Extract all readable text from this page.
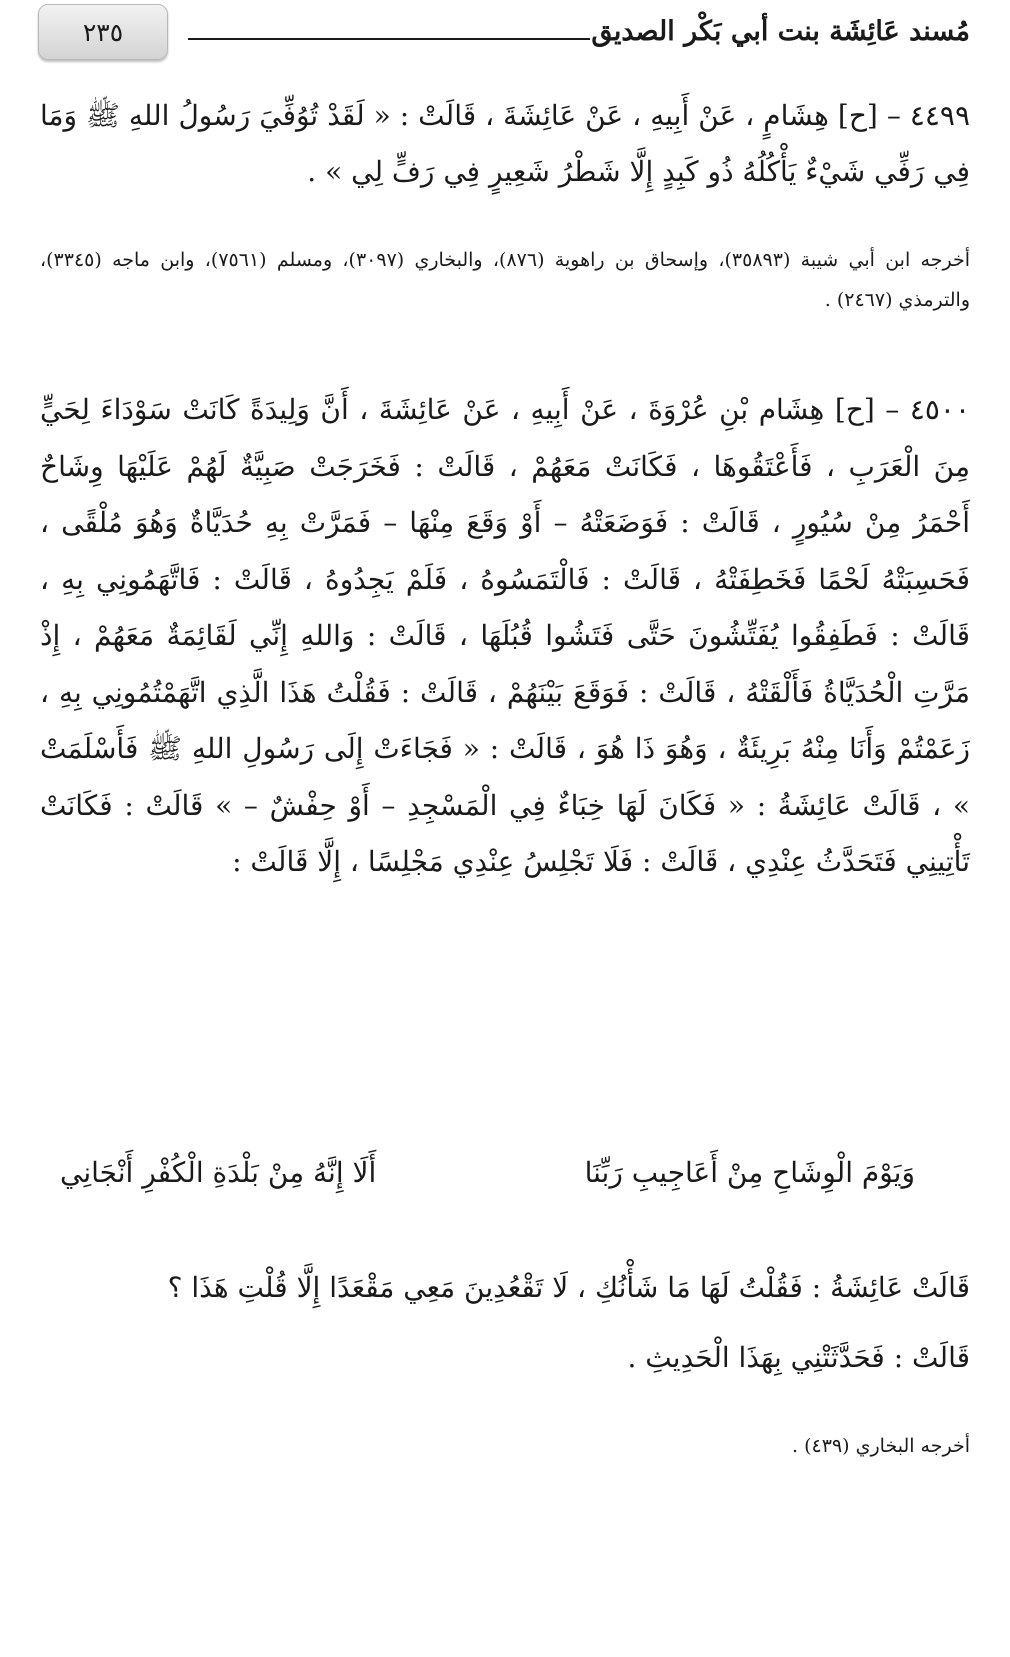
مُسند عَائِشَة بنت أبي بَكْر الصديق
٢٣٥
٤٤٩٩ – [ح] هِشَامٍ ، عَنْ أَبِيهِ ، عَنْ عَائِشَةَ ، قَالَتْ : « لَقَدْ تُوُفِّيَ رَسُولُ اللهِ ﷺ وَمَا فِي رَفِّي شَيْءٌ يَأْكُلُهُ ذُو كَبِدٍ إِلَّا شَطْرُ شَعِيرٍ فِي رَفٍّ لِي » .
أخرجه ابن أبي شيبة (٣٥٨٩٣)، وإسحاق بن راهوية (٨٧٦)، والبخاري (٣٠٩٧)، ومسلم (٧٥٦١)، وابن ماجه (٣٣٤٥)، والترمذي (٢٤٦٧) .
٤٥٠٠ – [ح] هِشَام بْنِ عُرْوَةَ ، عَنْ أَبِيهِ ، عَنْ عَائِشَةَ ، أَنَّ وَلِيدَةً كَانَتْ سَوْدَاءَ لِحَيٍّ مِنَ الْعَرَبِ ، فَأَعْتَقُوهَا ، فَكَانَتْ مَعَهُمْ ، قَالَتْ : فَخَرَجَتْ صَبِيَّةٌ لَهُمْ عَلَيْهَا وِشَاحٌ أَحْمَرُ مِنْ سُيُورٍ ، قَالَتْ : فَوَضَعَتْهُ – أَوْ وَقَعَ مِنْهَا – فَمَرَّتْ بِهِ حُدَيَّاةٌ وَهُوَ مُلْقًى ، فَحَسِبَتْهُ لَحْمًا فَخَطِفَتْهُ ، قَالَتْ : فَالْتَمَسُوهُ ، فَلَمْ يَجِدُوهُ ، قَالَتْ : فَاتَّهَمُونِي بِهِ ، قَالَتْ : فَطَفِقُوا يُفَتِّشُونَ حَتَّى فَتَشُوا قُبُلَهَا ، قَالَتْ : وَاللهِ إِنِّي لَقَائِمَةٌ مَعَهُمْ ، إِذْ مَرَّتِ الْحُدَيَّاةُ فَأَلْقَتْهُ ، قَالَتْ : فَوَقَعَ بَيْنَهُمْ ، قَالَتْ : فَقُلْتُ هَذَا الَّذِي اتَّهَمْتُمُونِي بِهِ ، زَعَمْتُمْ وَأَنَا مِنْهُ بَرِيئَةٌ ، وَهُوَ ذَا هُوَ ، قَالَتْ : « فَجَاءَتْ إِلَى رَسُولِ اللهِ ﷺ فَأَسْلَمَتْ » ، قَالَتْ عَائِشَةُ : « فَكَانَ لَهَا خِبَاءٌ فِي الْمَسْجِدِ – أَوْ حِفْشٌ – » قَالَتْ : فَكَانَتْ تَأْتِينِي فَتَحَدَّثُ عِنْدِي ، قَالَتْ : فَلَا تَجْلِسُ عِنْدِي مَجْلِسًا ، إِلَّا قَالَتْ :
وَيَوْمَ الْوِشَاحِ مِنْ أَعَاجِيبِ رَبِّنَا
أَلَا إِنَّهُ مِنْ بَلْدَةِ الْكُفْرِ أَنْجَانِي
قَالَتْ عَائِشَةُ : فَقُلْتُ لَهَا مَا شَأْنُكِ ، لَا تَقْعُدِينَ مَعِي مَقْعَدًا إِلَّا قُلْتِ هَذَا ؟
قَالَتْ : فَحَدَّثَتْنِي بِهَذَا الْحَدِيثِ .
أخرجه البخاري (٤٣٩) .
